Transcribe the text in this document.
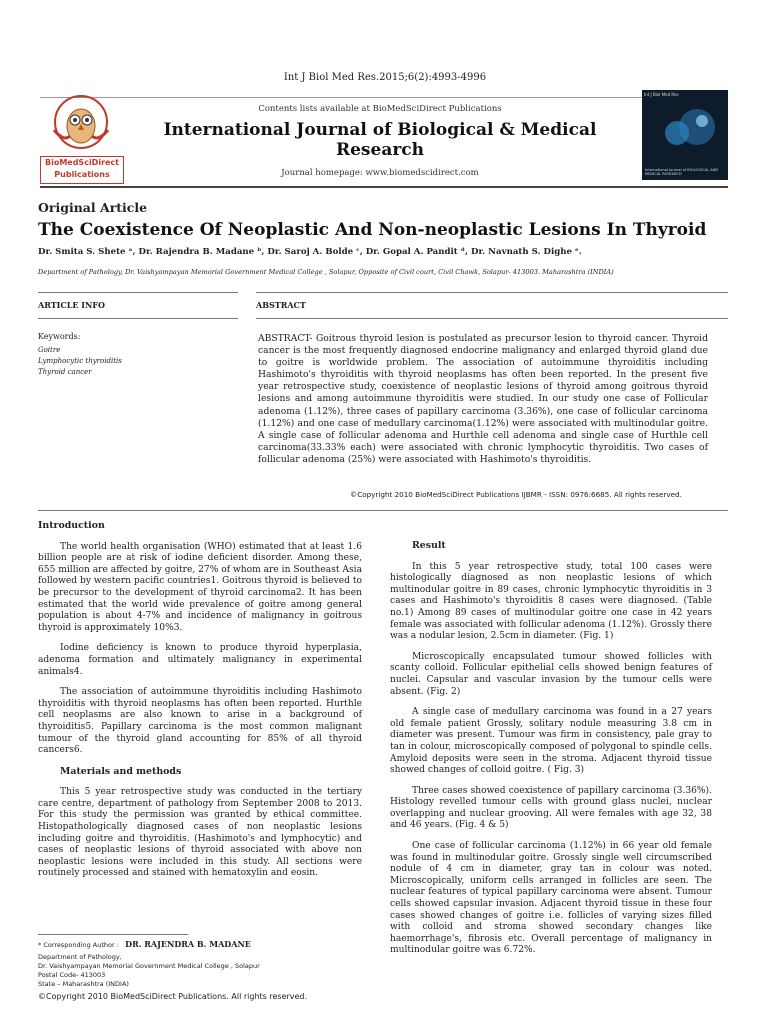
Int J Biol Med Res.2015;6(2):4993-4996
BioMedSciDirect
Publications
Contents lists available at BioMedSciDirect Publications
International Journal of Biological & Medical Research
Journal homepage: www.biomedscidirect.com
Int J Biol Med Res
International Journal of BIOLOGICAL AND MEDICAL RESEARCH
Original Article
The Coexistence Of Neoplastic And Non-neoplastic Lesions In Thyroid
Dr. Smita S. Shete ᵃ, Dr. Rajendra B. Madane ᵇ, Dr. Saroj A. Bolde ᶜ, Dr. Gopal A. Pandit ᵈ, Dr. Navnath S. Dighe ᵉ.
Department of Pathology, Dr. Vaishyampayan Memorial Government Medical College , Solapur, Opposite of Civil court, Civil Chawk, Solapur- 413003. Maharashtra (INDIA)
ARTICLE INFO	ABSTRACT
Keywords:
Goitre
Lymphocytic thyroiditis
Thyroid cancer
ABSTRACT- Goitrous thyroid lesion is postulated as precursor lesion to thyroid cancer. Thyroid cancer is the most frequently diagnosed endocrine malignancy and enlarged thyroid gland due to goitre is worldwide problem. The association of autoimmune thyroiditis including Hashimoto's thyroiditis with thyroid neoplasms has often been reported. In the present five year retrospective study, coexistence of neoplastic lesions of thyroid among goitrous thyroid lesions and among autoimmune thyroiditis were studied. In our study one case of Follicular adenoma (1.12%), three cases of papillary carcinoma (3.36%), one case of follicular carcinoma (1.12%) and one case of medullary carcinoma(1.12%) were associated with multinodular goitre. A single case of follicular adenoma and Hurthle cell adenoma and single case of Hurthle cell carcinoma(33.33% each) were associated with chronic lymphocytic thyroiditis. Two cases of follicular adenoma (25%) were associated with Hashimoto's thyroiditis.
©Copyright 2010 BioMedSciDirect Publications IJBMR - ISSN: 0976:6685. All rights reserved.
Introduction

The world health organisation (WHO) estimated that at least 1.6 billion people are at risk of iodine deficient disorder. Among these, 655 million are affected by goitre, 27% of whom are in Southeast Asia followed by western pacific countries1. Goitrous thyroid is believed to be precursor to the development of thyroid carcinoma2. It has been estimated that the world wide prevalence of goitre among general population is about 4-7% and incidence of malignancy in goitrous thyroid is approximately 10%3.

Iodine deficiency is known to produce thyroid hyperplasia, adenoma formation and ultimately malignancy in experimental animals4.

The association of autoimmune thyroiditis including Hashimoto thyroiditis with thyroid neoplasms has often been reported. Hurthle cell neoplasms are also known to arise in a background of thyroiditis5. Papillary carcinoma is the most common malignant tumour of the thyroid gland accounting for 85% of all thyroid cancers6.

Materials and methods

This 5 year retrospective study was conducted in the tertiary care centre, department of pathology from September 2008 to 2013. For this study the permission was granted by ethical committee. Histopathologically diagnosed cases of non neoplastic lesions including goitre and thyroiditis. (Hashimoto's and lymphocytic) and cases of neoplastic lesions of thyroid associated with above non neoplastic lesions were included in this study. All sections were routinely processed and stained with hematoxylin and eosin.

* Corresponding Author : DR. RAJENDRA B. MADANE
Department of Pathology,
Dr. Vaishyampayan Memorial Government Medical College , Solapur
Postal Code- 413003
State – Maharashtra (INDIA)
©Copyright 2010 BioMedSciDirect Publications. All rights reserved.
Result

In this 5 year retrospective study, total 100 cases were histologically diagnosed as non neoplastic lesions of which multinodular goitre in 89 cases, chronic lymphocytic thyroiditis in 3 cases and Hashimoto's thyroiditis 8 cases were diagnosed. (Table no.1) Among 89 cases of multinodular goitre one case in 42 years female was associated with follicular adenoma (1.12%). Grossly there was a nodular lesion, 2.5cm in diameter. (Fig. 1)

Microscopically encapsulated tumour showed follicles with scanty colloid. Follicular epithelial cells showed benign features of nuclei. Capsular and vascular invasion by the tumour cells were absent. (Fig. 2)

A single case of medullary carcinoma was found in a 27 years old female patient Grossly, solitary nodule measuring 3.8 cm in diameter was present. Tumour was firm in consistency, pale gray to tan in colour, microscopically composed of polygonal to spindle cells. Amyloid deposits were seen in the stroma. Adjacent thyroid tissue showed changes of colloid goitre. ( Fig. 3)

Three cases showed coexistence of papillary carcinoma (3.36%). Histology revelled tumour cells with ground glass nuclei, nuclear overlapping and nuclear grooving. All were females with age 32, 38 and 46 years. (Fig. 4 & 5)

One case of follicular carcinoma (1.12%) in 66 year old female was found in multinodular goitre. Grossly single well circumscribed nodule of 4 cm in diameter, gray tan in colour was noted. Microscopically, uniform cells arranged in follicles are seen. The nuclear features of typical papillary carcinoma were absent. Tumour cells showed capsular invasion. Adjacent thyroid tissue in these four cases showed changes of goitre i.e. follicles of varying sizes filled with colloid and stroma showed secondary changes like haemorrhage's, fibrosis etc. Overall percentage of malignancy in multinodular goitre was 6.72%.
